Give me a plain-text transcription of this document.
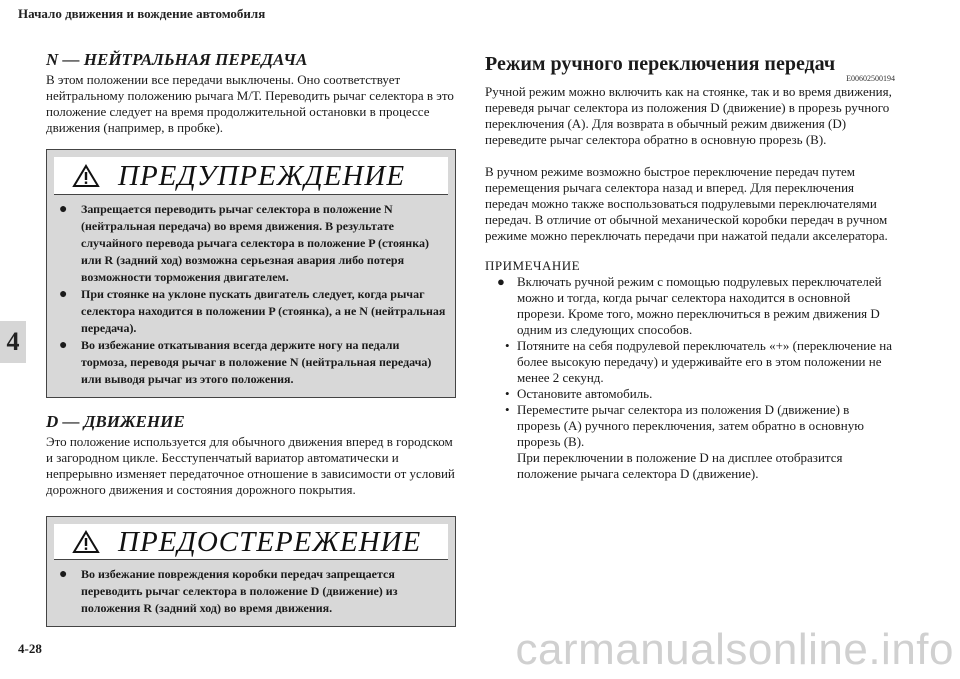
Начало движения и вождение автомобиля
4
4-28
N — НЕЙТРАЛЬНАЯ ПЕРЕДАЧА

В этом положении все передачи выключены. Оно соответствует нейтральному положению рычага М/Т. Переводить рычаг селектора в это положение следует на время продолжительной остановки в процессе движения (например, в пробке).

ПРЕДУПРЕЖДЕНИЕ
●	Запрещается переводить рычаг селектора в положение N (нейтральная передача) во время движения. В результате случайного перевода рычага селектора в положение P (стоянка) или R (задний ход) возможна серьезная авария либо потеря возможности торможения двигателем.
●	При стоянке на уклоне пускать двигатель следует, когда рычаг селектора находится в положении P (стоянка), а не N (нейтральная передача).
●	Во избежание откатывания всегда держите ногу на педали тормоза, переводя рычаг в положение N (нейтральная передача) или выводя рычаг из этого положения.
D — ДВИЖЕНИЕ

Это положение используется для обычного движения вперед в городском и загородном цикле. Бесступенчатый вариатор автоматически и непрерывно изменяет передаточное отношение в зависимости от условий дорожного движения и состояния дорожного покрытия.

ПРЕДОСТЕРЕЖЕНИЕ
●	Во избежание повреждения коробки передач запрещается переводить рычаг селектора в положение D (движение) из положения R (задний ход) во время движения.
Режим ручного переключения передач
E00602500194

Ручной режим можно включить как на стоянке, так и во время движения, переведя рычаг селектора из положения D (движение) в прорезь ручного переключения (A). Для возврата в обычный режим движения (D) переведите рычаг селектора обратно в основную прорезь (B).

В ручном режиме возможно быстрое переключение передач путем перемещения рычага селектора назад и вперед. Для переключения передач можно также воспользоваться подрулевыми переключателями передач. В отличие от обычной механической коробки передач в ручном режиме можно переключать передачи при нажатой педали акселератора.

ПРИМЕЧАНИЕ

● Включать ручной режим с помощью подрулевых переключателей можно и тогда, когда рычаг селектора находится в основной прорези. Кроме того, можно переключиться в режим движения D одним из следующих способов.
• Потяните на себя подрулевой переключатель «+» (переключение на более высокую передачу) и удерживайте его в этом положении не менее 2 секунд.
• Остановите автомобиль.
• Переместите рычаг селектора из положения D (движение) в прорезь (A) ручного переключения, затем обратно в основную прорезь (B).
При переключении в положение D на дисплее отобразится положение рычага селектора D (движение).
carmanualsonline.info
